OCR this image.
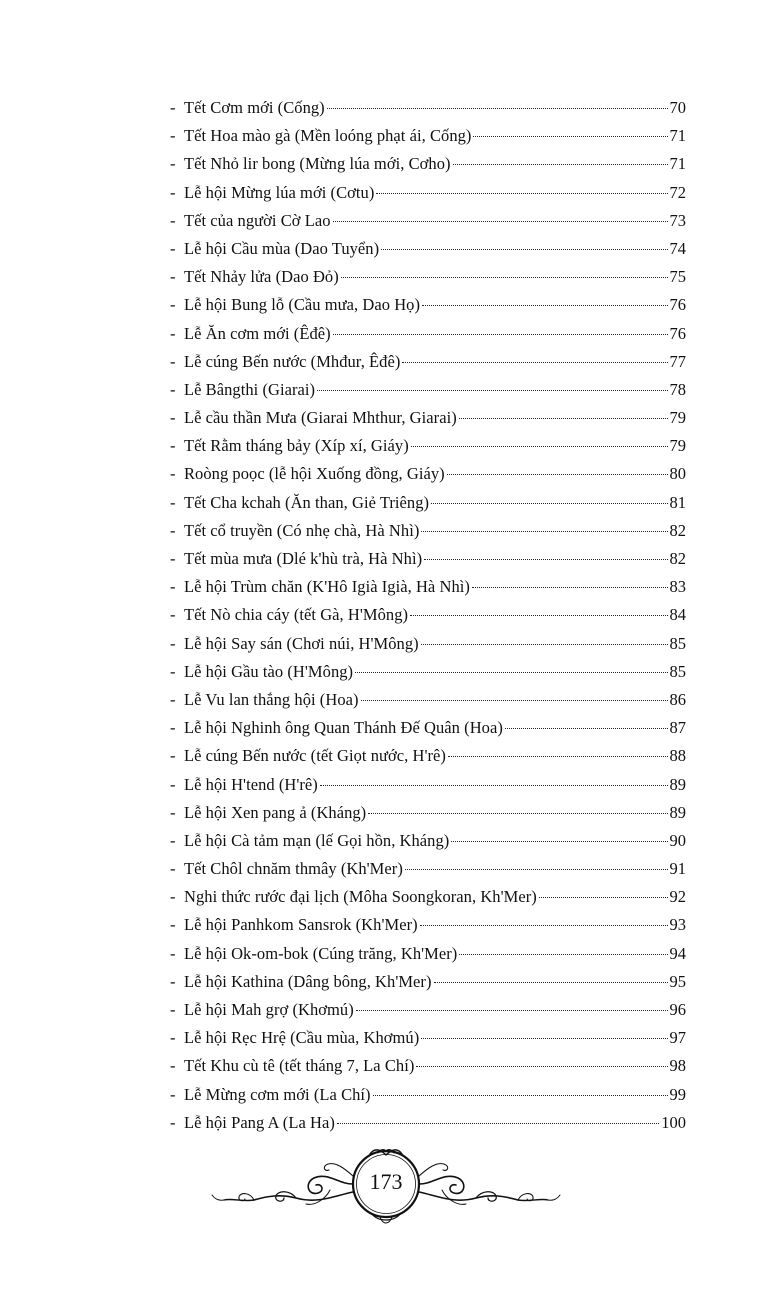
- Tết Cơm mới (Cống)	70
- Tết Hoa mào gà (Mền loóng phạt ái, Cống)	71
- Tết Nhỏ lir bong (Mừng lúa mới, Cơho)	71
- Lễ hội Mừng lúa mới (Cơtu)	72
- Tết của người Cờ Lao	73
- Lễ hội Cầu mùa (Dao Tuyển)	74
- Tết Nhảy lửa (Dao Đỏ)	75
- Lễ hội Bung lỗ (Cầu mưa, Dao Họ)	76
- Lễ Ăn cơm mới (Êđê)	76
- Lễ cúng Bến nước (Mhđur, Êđê)	77
- Lễ Bângthi (Giarai)	78
- Lễ cầu thần Mưa (Giarai Mhthur, Giarai)	79
- Tết Rằm tháng bảy (Xíp xí, Giáy)	79
- Roòng poọc (lễ hội Xuống đồng, Giáy)	80
- Tết Cha kchah (Ăn than, Giẻ Triêng)	81
- Tết cổ truyền (Có nhẹ chà, Hà Nhì)	82
- Tết mùa mưa (Dlé k'hù trà, Hà Nhì)	82
- Lễ hội Trùm chăn (K'Hô Igià Igià, Hà Nhì)	83
- Tết Nò chia cáy (tết Gà, H'Mông)	84
- Lễ hội Say sán (Chơi núi, H'Mông)	85
- Lễ hội Gầu tào (H'Mông)	85
- Lễ Vu lan thắng hội (Hoa)	86
- Lễ hội Nghinh ông Quan Thánh Đế Quân (Hoa)	87
- Lễ cúng Bến nước (tết Giọt nước, H'rê)	88
- Lễ hội H'tend (H'rê)	89
- Lễ hội Xen pang ả (Kháng)	89
- Lễ hội Cà tảm mạn (lế Gọi hồn, Kháng)	90
- Tết Chôl chnăm thmây (Kh'Mer)	91
- Nghi thức rước đại lịch (Môha Soongkoran, Kh'Mer)	92
- Lễ hội Panhkom Sansrok (Kh'Mer)	93
- Lễ hội Ok-om-bok (Cúng trăng, Kh'Mer)	94
- Lễ hội Kathina (Dâng bông, Kh'Mer)	95
- Lễ hội Mah grợ (Khơmú)	96
- Lễ hội Rẹc Hrệ (Cầu mùa, Khơmú)	97
- Tết Khu cù tê (tết tháng 7, La Chí)	98
- Lễ Mừng cơm mới (La Chí)	99
- Lễ hội Pang A (La Ha)	100
173
